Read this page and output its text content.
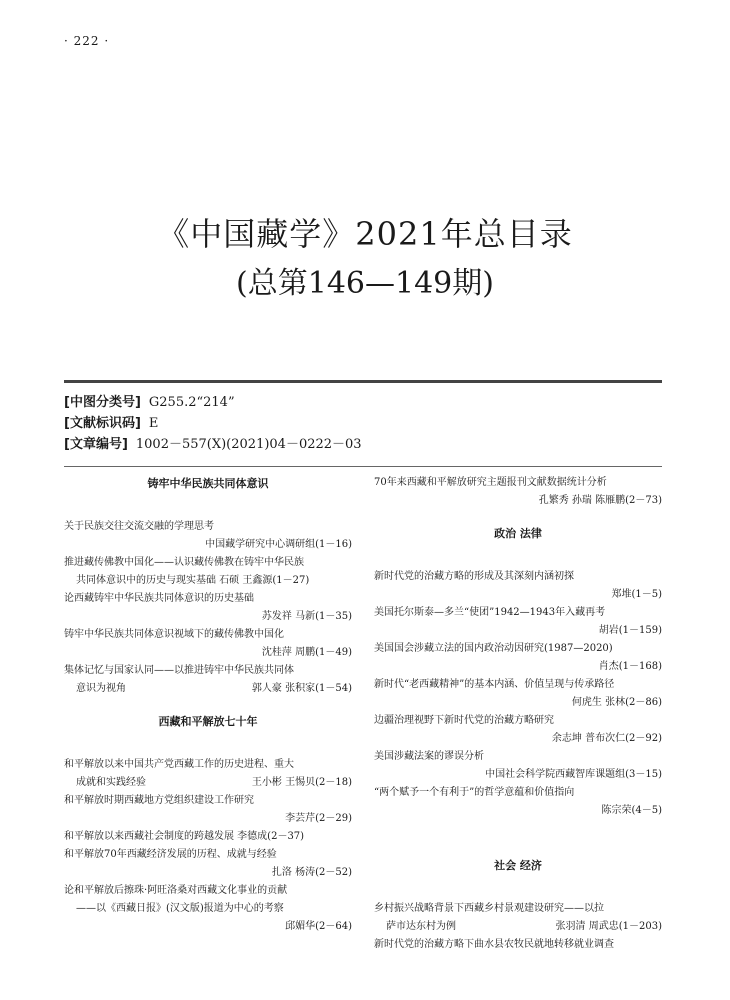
· 222 ·
《中国藏学》2021年总目录
(总第146—149期)
[中图分类号] G255.2“214”
[文献标识码] E
[文章编号] 1002－557(X)(2021)04－0222－03
铸牢中华民族共同体意识
关于民族交往交流交融的学理思考
中国藏学研究中心调研组(1－16)
推进藏传佛教中国化——认识藏传佛教在铸牢中华民族
共同体意识中的历史与现实基础 石硕 王鑫源(1－27)
论西藏铸牢中华民族共同体意识的历史基础
苏发祥 马新(1－35)
铸牢中华民族共同体意识视域下的藏传佛教中国化
沈桂萍 周鹏(1－49)
集体记忆与国家认同——以推进铸牢中华民族共同体
意识为视角	郭人豪 张积家(1－54)
西藏和平解放七十年
和平解放以来中国共产党西藏工作的历史进程、重大
成就和实践经验	王小彬 王惕贝(2－18)
和平解放时期西藏地方党组织建设工作研究
李芸芹(2－29)
和平解放以来西藏社会制度的跨越发展 李德成(2－37)
和平解放70年西藏经济发展的历程、成就与经验
扎洛 杨涛(2－52)
论和平解放后擦珠·阿旺洛桑对西藏文化事业的贡献
——以《西藏日报》(汉文版)报道为中心的考察
邱媚华(2－64)
70年来西藏和平解放研究主题报刊文献数据统计分析
孔繁秀 孙瑞 陈雁鹏(2－73)
政治 法律
新时代党的治藏方略的形成及其深刻内涵初探
郑堆(1－5)
美国托尔斯泰—多兰“使团”1942—1943年入藏再考
胡岩(1－159)
美国国会涉藏立法的国内政治动因研究(1987—2020)
肖杰(1－168)
新时代“老西藏精神”的基本内涵、价值呈现与传承路径
何虎生 张林(2－86)
边疆治理视野下新时代党的治藏方略研究
余志坤 普布次仁(2－92)
美国涉藏法案的谬误分析
中国社会科学院西藏智库课题组(3－15)
“两个赋予一个有利于”的哲学意蕴和价值指向
陈宗荣(4－5)
社会 经济
乡村振兴战略背景下西藏乡村景观建设研究——以拉
萨市达东村为例	张羽清 周武忠(1－203)
新时代党的治藏方略下曲水县农牧民就地转移就业调查
